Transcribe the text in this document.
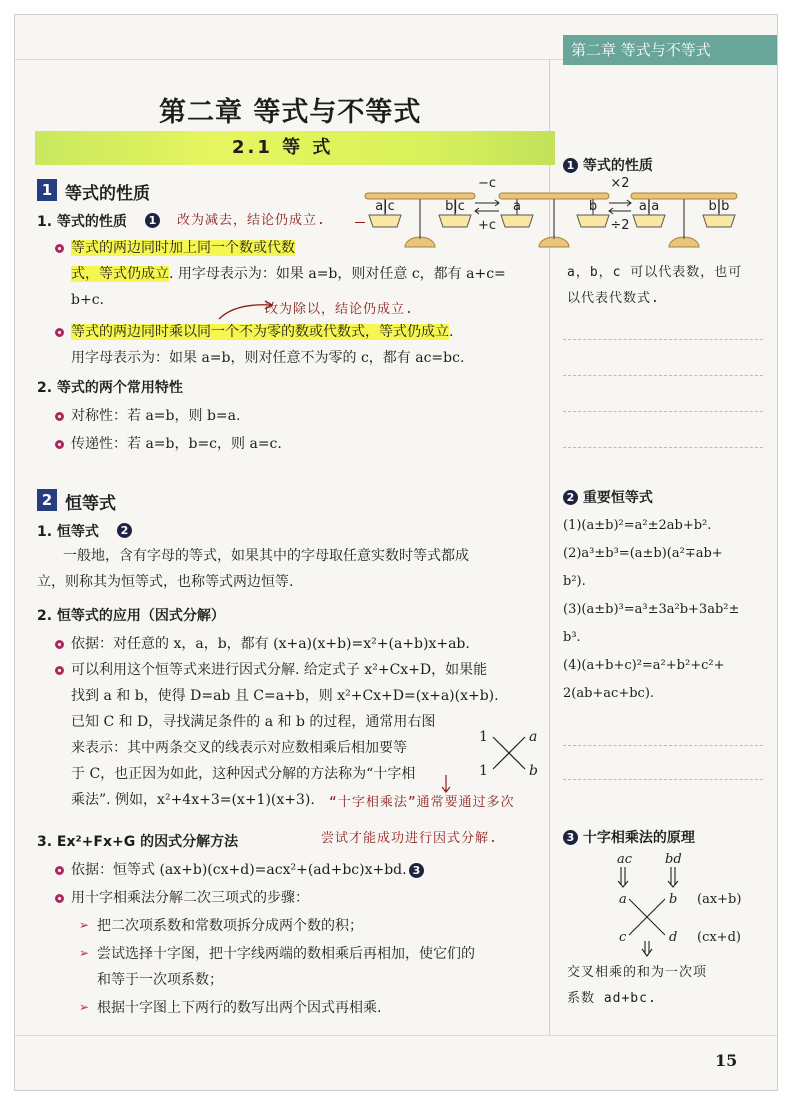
第二章 等式与不等式
第二章 等式与不等式
2.1 等 式
1 等式的性质
1. 等式的性质	1 改为减去，结论仍成立.
等式的两边同时加上同一个数或代数
式，等式仍成立. 用字母表示为：如果 a=b，则对任意 c，都有 a+c=
b+c.
改为除以，结论仍成立.
等式的两边同时乘以同一个不为零的数或代数式，等式仍成立.
用字母表示为：如果 a=b，则对任意不为零的 c，都有 ac=bc.
2. 等式的两个常用特性
对称性：若 a=b，则 b=a.
传递性：若 a=b，b=c，则 a=c.
a|c	b|c	a	b	a|a	b|b
−c
+c
×2
÷2
2 恒等式
1. 恒等式	2
一般地，含有字母的等式，如果其中的字母取任意实数时等式都成
立，则称其为恒等式，也称等式两边恒等.
2. 恒等式的应用（因式分解）
依据：对任意的 x，a，b，都有 (x+a)(x+b)=x²+(a+b)x+ab.
可以利用这个恒等式来进行因式分解. 给定式子 x²+Cx+D，如果能
找到 a 和 b，使得 D=ab 且 C=a+b，则 x²+Cx+D=(x+a)(x+b).
已知 C 和 D，寻找满足条件的 a 和 b 的过程，通常用右图
来表示：其中两条交叉的线表示对应数相乘后相加要等
于 C，也正因为如此，这种因式分解的方法称为“十字相
乘法”. 例如，x²+4x+3=(x+1)(x+3). “十字相乘法”通常要通过多次
尝试才能成功进行因式分解.
1	a
1	b
3. Ex²+Fx+G 的因式分解方法
依据：恒等式 (ax+b)(cx+d)=acx²+(ad+bc)x+bd. 3
用十字相乘法分解二次三项式的步骤：
➢ 把二次项系数和常数项拆分成两个数的积；
➢ 尝试选择十字图，把十字线两端的数相乘后再相加，使它们的
和等于一次项系数；
➢ 根据十字图上下两行的数写出两个因式再相乘.
1 等式的性质
a，b，c 可以代表数，也可
以代表代数式.
2 重要恒等式
(1)(a±b)²=a²±2ab+b².
(2)a³±b³=(a±b)(a²∓ab+
b²).
(3)(a±b)³=a³±3a²b+3ab²±
b³.
(4)(a+b+c)²=a²+b²+c²+
2(ab+ac+bc).
3 十字相乘法的原理
ac	bd
a	b
c	d
(ax+b)
(cx+d)
交叉相乘的和为一次项
系数 ad+bc.
15
